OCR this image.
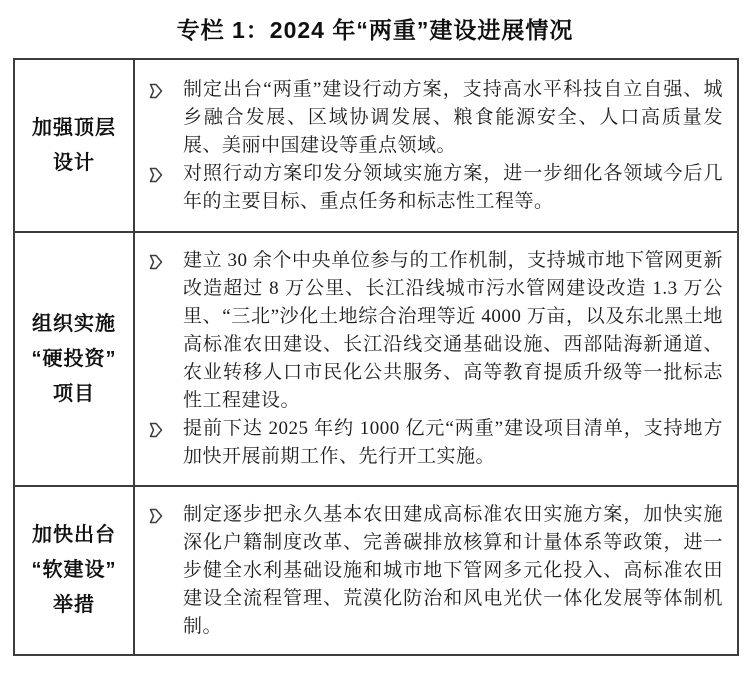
专栏 1：2024 年“两重”建设进展情况
加强顶层
设计
制定出台“两重”建设行动方案，支持高水平科技自立自强、城乡融合发展、区域协调发展、粮食能源安全、人口高质量发展、美丽中国建设等重点领域。
对照行动方案印发分领域实施方案，进一步细化各领域今后几年的主要目标、重点任务和标志性工程等。
组织实施
“硬投资”
项目
建立 30 余个中央单位参与的工作机制，支持城市地下管网更新改造超过 8 万公里、长江沿线城市污水管网建设改造 1.3 万公里、“三北”沙化土地综合治理等近 4000 万亩，以及东北黑土地高标准农田建设、长江沿线交通基础设施、西部陆海新通道、农业转移人口市民化公共服务、高等教育提质升级等一批标志性工程建设。
提前下达 2025 年约 1000 亿元“两重”建设项目清单，支持地方加快开展前期工作、先行开工实施。
加快出台
“软建设”
举措
制定逐步把永久基本农田建成高标准农田实施方案，加快实施深化户籍制度改革、完善碳排放核算和计量体系等政策，进一步健全水利基础设施和城市地下管网多元化投入、高标准农田建设全流程管理、荒漠化防治和风电光伏一体化发展等体制机制。
